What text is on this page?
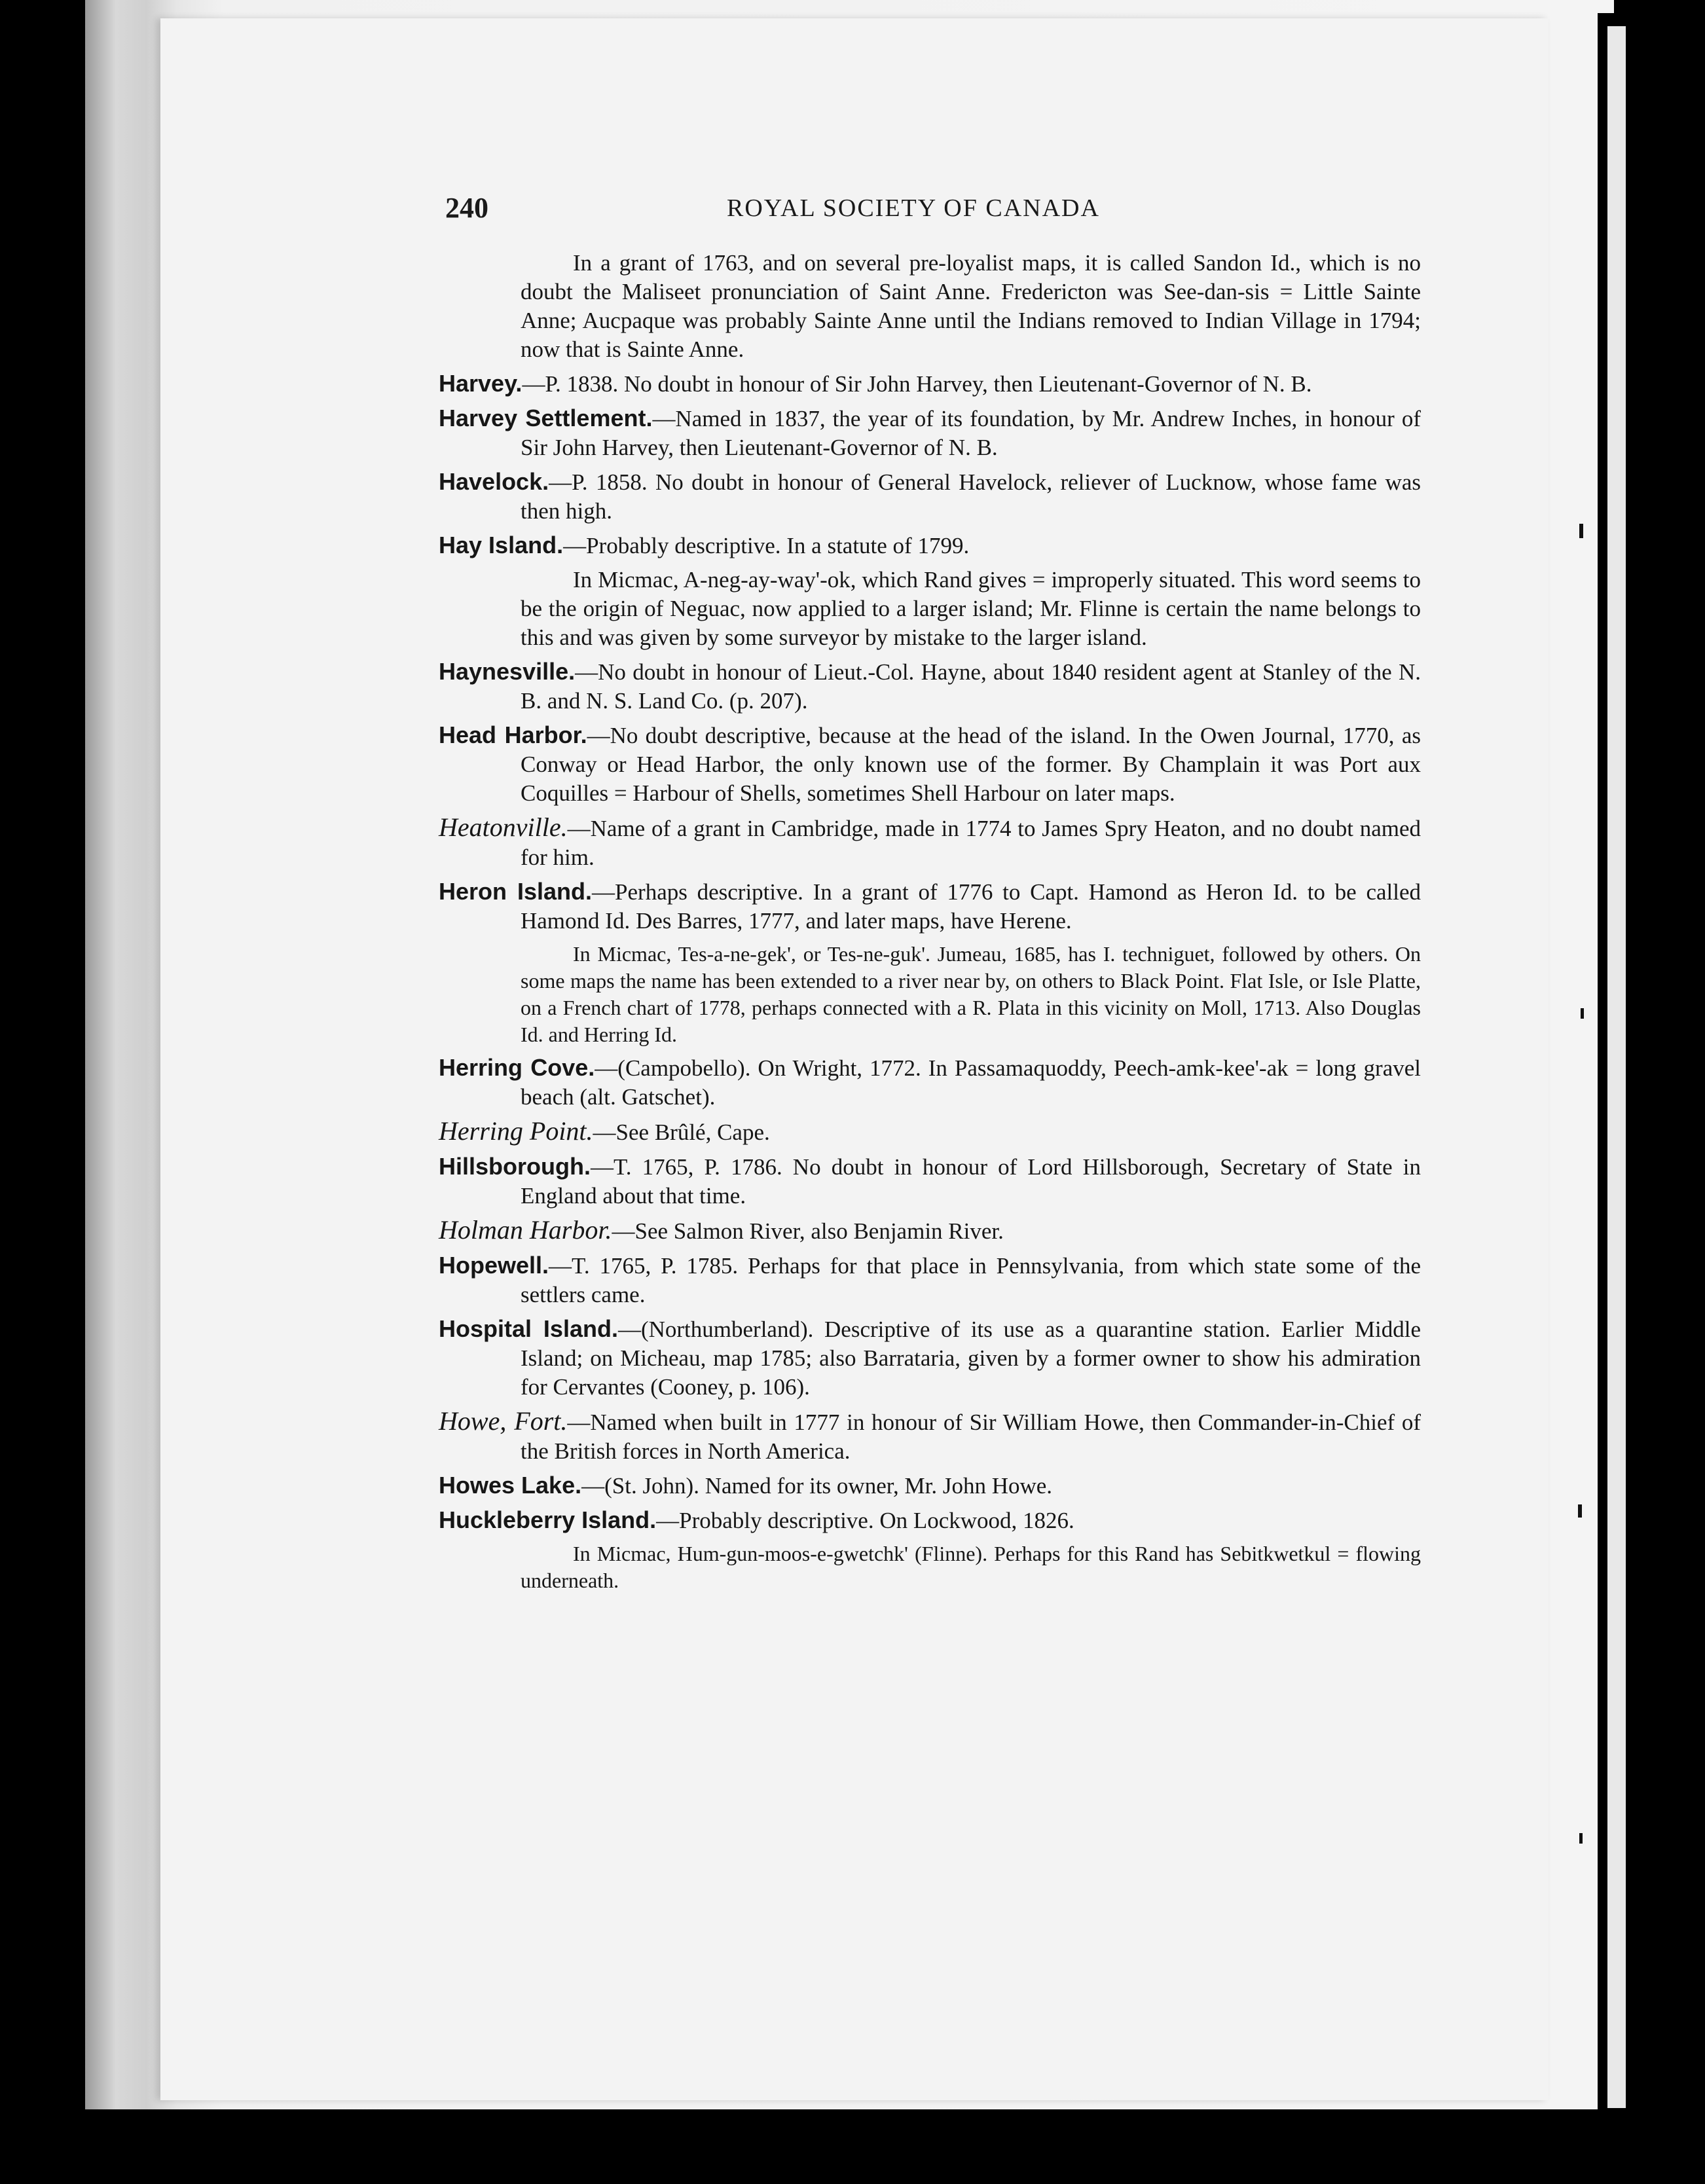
240	ROYAL SOCIETY OF CANADA
In a grant of 1763, and on several pre-loyalist maps, it is called Sandon Id., which is no doubt the Maliseet pronunciation of Saint Anne. Fredericton was See-dan-sis = Little Sainte Anne; Aucpaque was probably Sainte Anne until the Indians removed to Indian Village in 1794; now that is Sainte Anne.
Harvey.—P. 1838. No doubt in honour of Sir John Harvey, then Lieutenant-Governor of N. B.
Harvey Settlement.—Named in 1837, the year of its foundation, by Mr. Andrew Inches, in honour of Sir John Harvey, then Lieutenant-Governor of N. B.
Havelock.—P. 1858. No doubt in honour of General Havelock, reliever of Lucknow, whose fame was then high.
Hay Island.—Probably descriptive. In a statute of 1799.
In Micmac, A-neg-ay-way'-ok, which Rand gives = improperly situated. This word seems to be the origin of Neguac, now applied to a larger island; Mr. Flinne is certain the name belongs to this and was given by some surveyor by mistake to the larger island.
Haynesville.—No doubt in honour of Lieut.-Col. Hayne, about 1840 resident agent at Stanley of the N. B. and N. S. Land Co. (p. 207).
Head Harbor.—No doubt descriptive, because at the head of the island. In the Owen Journal, 1770, as Conway or Head Harbor, the only known use of the former. By Champlain it was Port aux Coquilles = Harbour of Shells, sometimes Shell Harbour on later maps.
Heatonville.—Name of a grant in Cambridge, made in 1774 to James Spry Heaton, and no doubt named for him.
Heron Island.—Perhaps descriptive. In a grant of 1776 to Capt. Hamond as Heron Id. to be called Hamond Id. Des Barres, 1777, and later maps, have Herene.
In Micmac, Tes-a-ne-gek', or Tes-ne-guk'. Jumeau, 1685, has I. techniguet, followed by others. On some maps the name has been extended to a river near by, on others to Black Point. Flat Isle, or Isle Platte, on a French chart of 1778, perhaps connected with a R. Plata in this vicinity on Moll, 1713. Also Douglas Id. and Herring Id.
Herring Cove.—(Campobello). On Wright, 1772. In Passamaquoddy, Peech-amk-kee'-ak = long gravel beach (alt. Gatschet).
Herring Point.—See Brûlé, Cape.
Hillsborough.—T. 1765, P. 1786. No doubt in honour of Lord Hillsborough, Secretary of State in England about that time.
Holman Harbor.—See Salmon River, also Benjamin River.
Hopewell.—T. 1765, P. 1785. Perhaps for that place in Pennsylvania, from which state some of the settlers came.
Hospital Island.—(Northumberland). Descriptive of its use as a quarantine station. Earlier Middle Island; on Micheau, map 1785; also Barrataria, given by a former owner to show his admiration for Cervantes (Cooney, p. 106).
Howe, Fort.—Named when built in 1777 in honour of Sir William Howe, then Commander-in-Chief of the British forces in North America.
Howes Lake.—(St. John). Named for its owner, Mr. John Howe.
Huckleberry Island.—Probably descriptive. On Lockwood, 1826.
In Micmac, Hum-gun-moos-e-gwetchk' (Flinne). Perhaps for this Rand has Sebitkwetkul = flowing underneath.
